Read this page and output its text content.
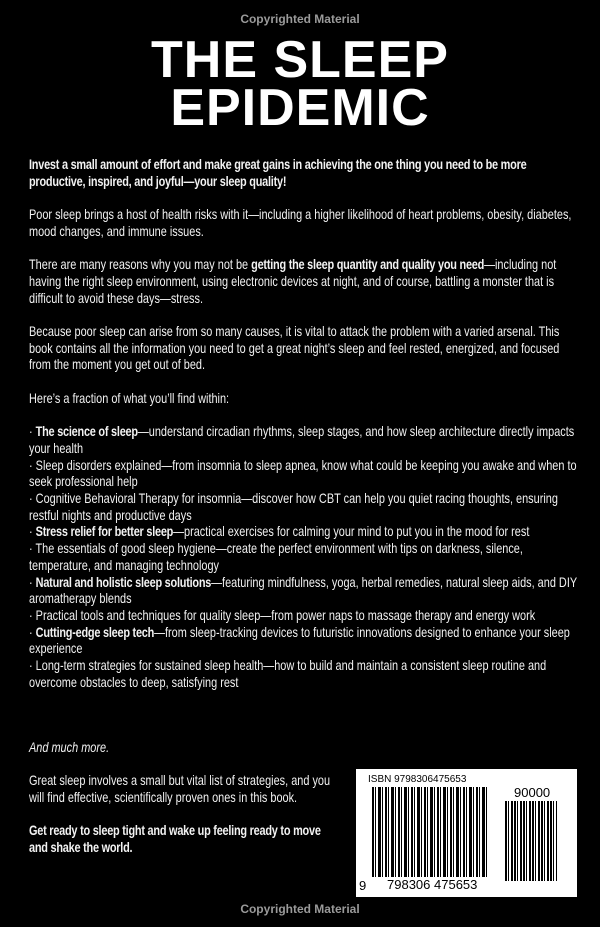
Copyrighted Material
THE SLEEP
EPIDEMIC

Invest a small amount of effort and make great gains in achieving the one thing you need to be more productive, inspired, and joyful—your sleep quality!

Poor sleep brings a host of health risks with it—including a higher likelihood of heart problems, obesity, diabetes, mood changes, and immune issues.

There are many reasons why you may not be getting the sleep quantity and quality you need—including not having the right sleep environment, using electronic devices at night, and of course, battling a monster that is difficult to avoid these days—stress.

Because poor sleep can arise from so many causes, it is vital to attack the problem with a varied arsenal. This book contains all the information you need to get a great night’s sleep and feel rested, energized, and focused from the moment you get out of bed.

Here’s a fraction of what you’ll find within:

· The science of sleep—understand circadian rhythms, sleep stages, and how sleep architecture directly impacts your health
· Sleep disorders explained—from insomnia to sleep apnea, know what could be keeping you awake and when to seek professional help
· Cognitive Behavioral Therapy for insomnia—discover how CBT can help you quiet racing thoughts, ensuring restful nights and productive days
· Stress relief for better sleep—practical exercises for calming your mind to put you in the mood for rest
· The essentials of good sleep hygiene—create the perfect environment with tips on darkness, silence, temperature, and managing technology
· Natural and holistic sleep solutions—featuring mindfulness, yoga, herbal remedies, natural sleep aids, and DIY aromatherapy blends
· Practical tools and techniques for quality sleep—from power naps to massage therapy and energy work
· Cutting-edge sleep tech—from sleep-tracking devices to futuristic innovations designed to enhance your sleep experience
· Long-term strategies for sustained sleep health—how to build and maintain a consistent sleep routine and overcome obstacles to deep, satisfying rest

And much more.

Great sleep involves a small but vital list of strategies, and you will find effective, scientifically proven ones in this book.

Get ready to sleep tight and wake up feeling ready to move and shake the world.

ISBN 9798306475653
90000
9 798306 475653
Copyrighted Material
